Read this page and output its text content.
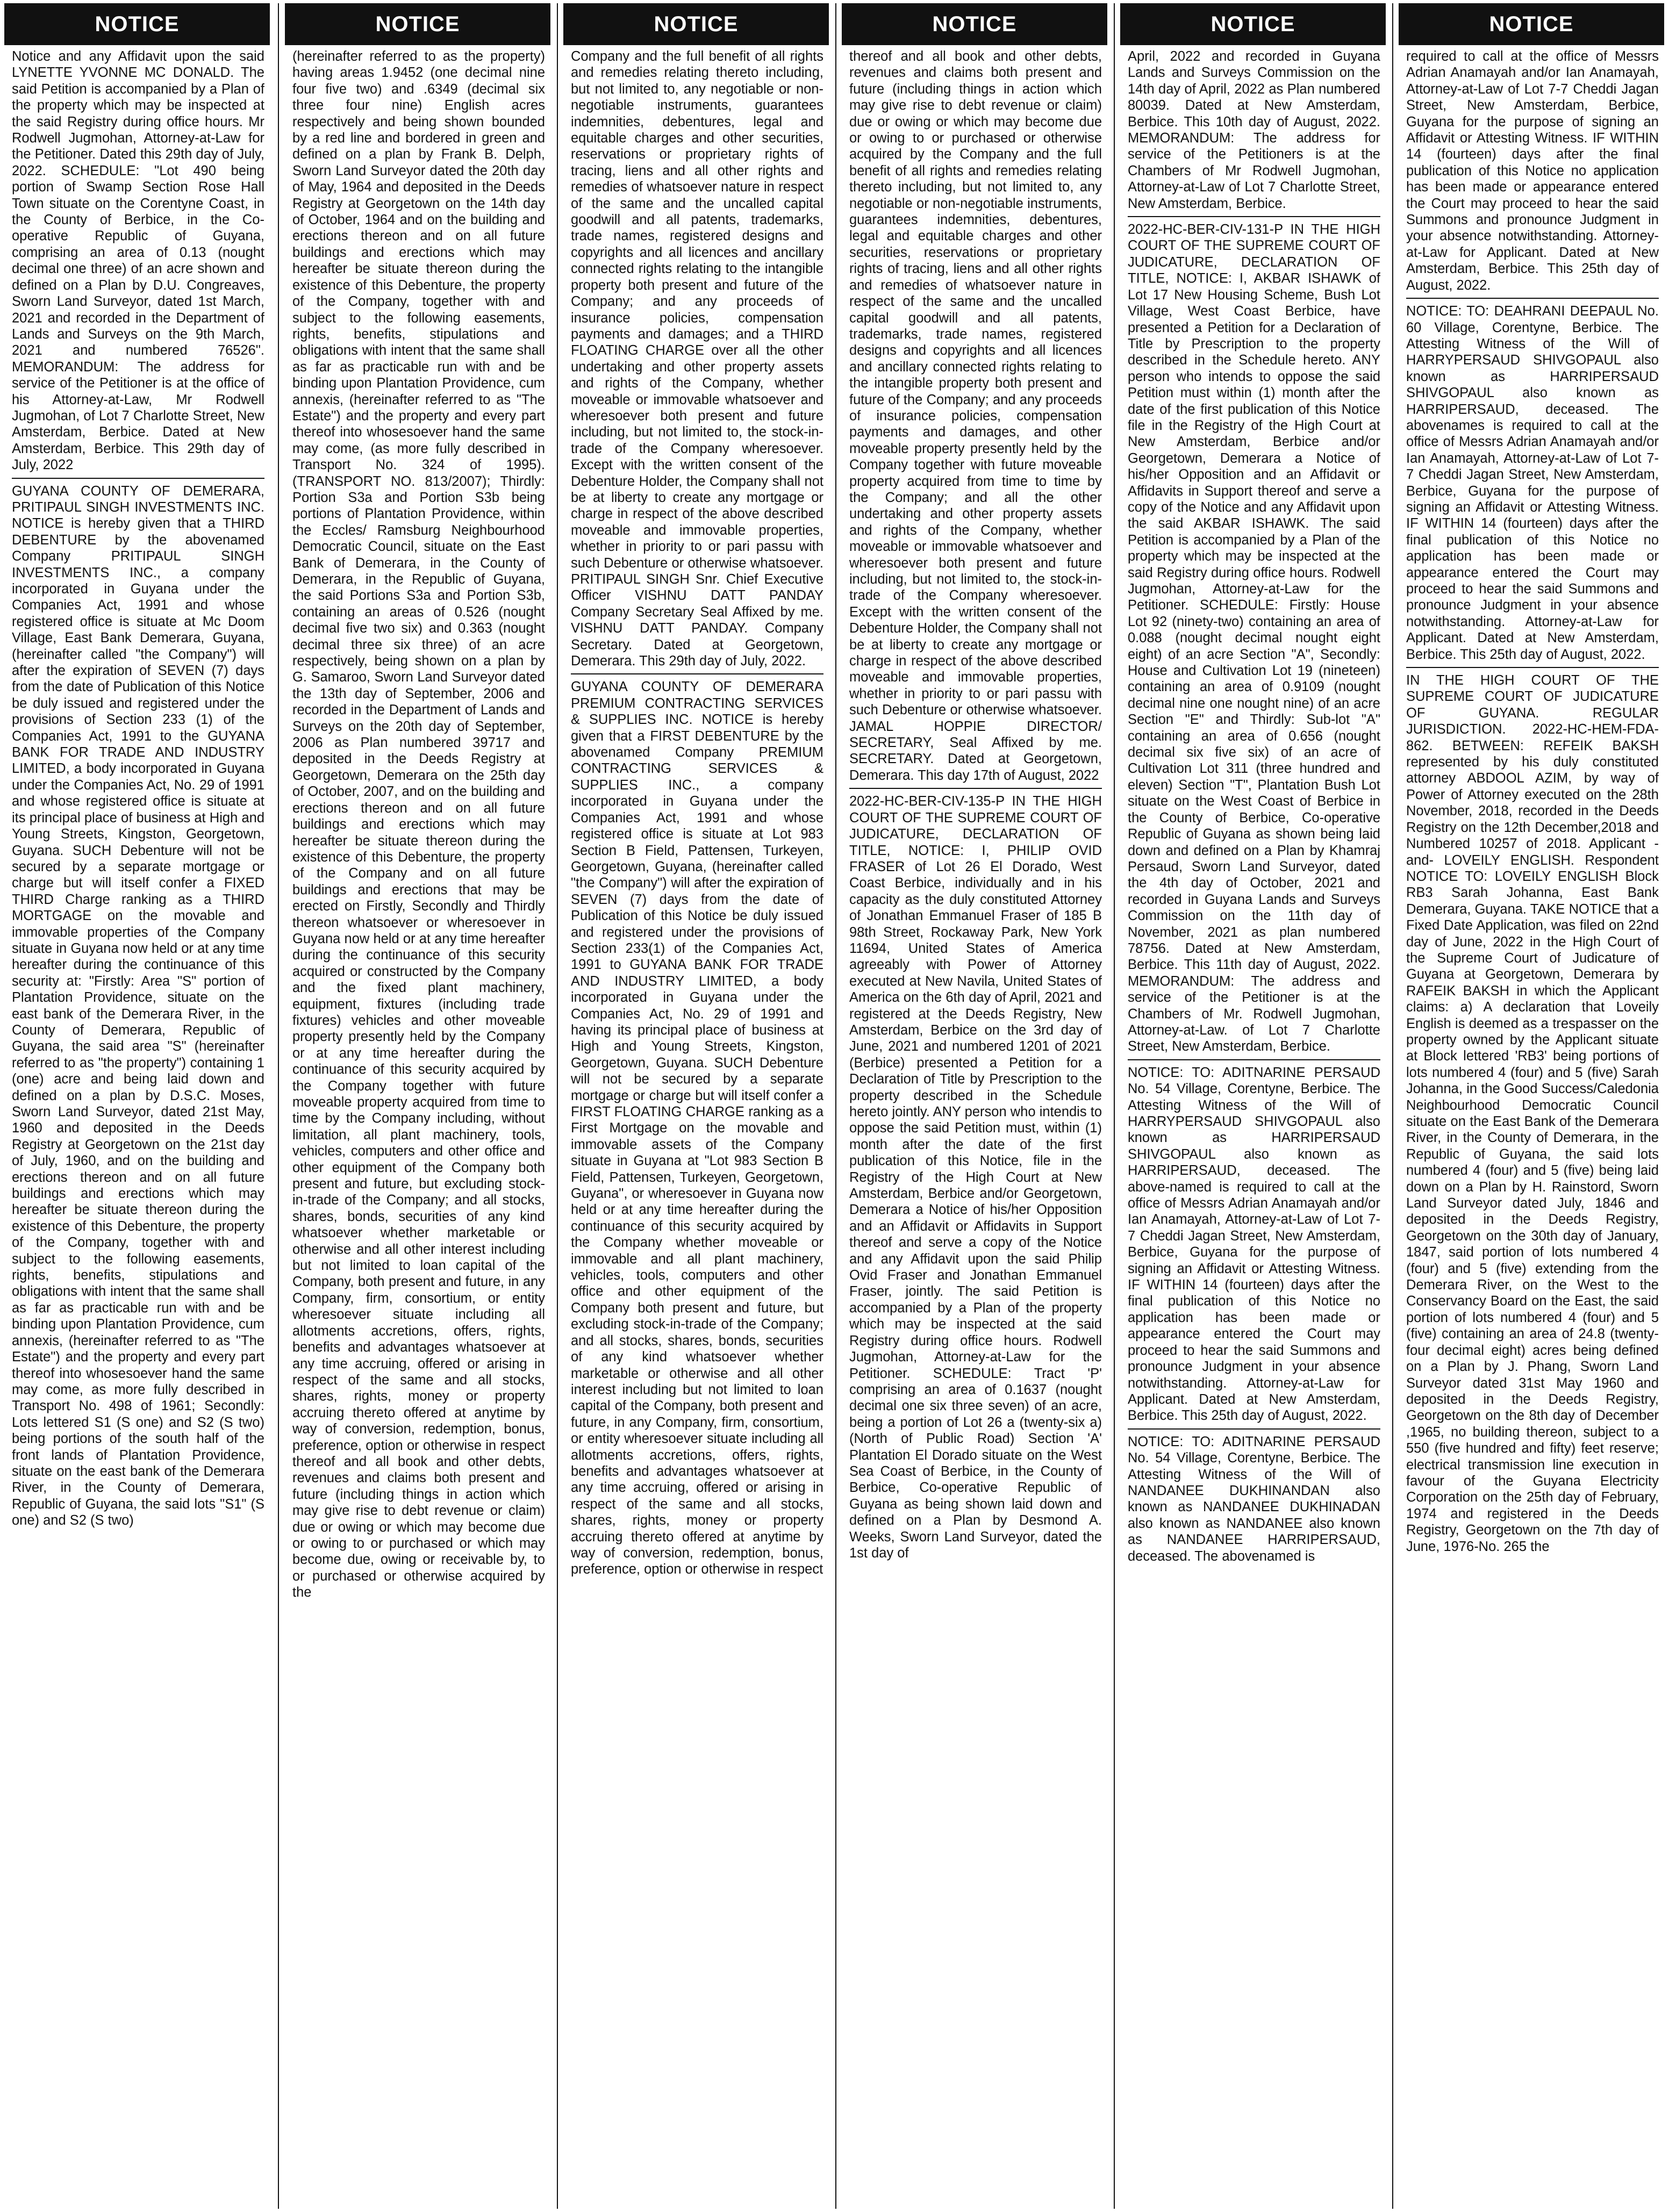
NOTICE

Notice and any Affidavit upon the said LYNETTE YVONNE MC DONALD. The said Petition is accompanied by a Plan of the property which may be inspected at the said Registry during office hours. Mr Rodwell Jugmohan, Attorney-at-Law for the Petitioner. Dated this 29th day of July, 2022. SCHEDULE: "Lot 490 being portion of Swamp Section Rose Hall Town situate on the Corentyne Coast, in the County of Berbice, in the Co-operative Republic of Guyana, comprising an area of 0.13 (nought decimal one three) of an acre shown and defined on a Plan by D.U. Congreaves, Sworn Land Surveyor, dated 1st March, 2021 and recorded in the Department of Lands and Surveys on the 9th March, 2021 and numbered 76526". MEMORANDUM: The address for service of the Petitioner is at the office of his Attorney-at-Law, Mr Rodwell Jugmohan, of Lot 7 Charlotte Street, New Amsterdam, Berbice. Dated at New Amsterdam, Berbice. This 29th day of July, 2022

GUYANA COUNTY OF DEMERARA, PRITIPAUL SINGH INVESTMENTS INC. NOTICE is hereby given that a THIRD DEBENTURE by the abovenamed Company PRITIPAUL SINGH INVESTMENTS INC., a company incorporated in Guyana under the Companies Act, 1991 and whose registered office is situate at Mc Doom Village, East Bank Demerara, Guyana, (hereinafter called "the Company") will after the expiration of SEVEN (7) days from the date of Publication of this Notice be duly issued and registered under the provisions of Section 233 (1) of the Companies Act, 1991 to the GUYANA BANK FOR TRADE AND INDUSTRY LIMITED, a body incorporated in Guyana under the Companies Act, No. 29 of 1991 and whose registered office is situate at its principal place of business at High and Young Streets, Kingston, Georgetown, Guyana. SUCH Debenture will not be secured by a separate mortgage or charge but will itself confer a FIXED THIRD Charge ranking as a THIRD MORTGAGE on the movable and immovable properties of the Company situate in Guyana now held or at any time hereafter during the continuance of this security at: "Firstly: Area "S" portion of Plantation Providence, situate on the east bank of the Demerara River, in the County of Demerara, Republic of Guyana, the said area "S" (hereinafter referred to as "the property") containing 1 (one) acre and being laid down and defined on a plan by D.S.C. Moses, Sworn Land Surveyor, dated 21st May, 1960 and deposited in the Deeds Registry at Georgetown on the 21st day of July, 1960, and on the building and erections thereon and on all future buildings and erections which may hereafter be situate thereon during the existence of this Debenture, the property of the Company, together with and subject to the following easements, rights, benefits, stipulations and obligations with intent that the same shall as far as practicable run with and be binding upon Plantation Providence, cum annexis, (hereinafter referred to as "The Estate") and the property and every part thereof into whosesoever hand the same may come, as more fully described in Transport No. 498 of 1961; Secondly: Lots lettered S1 (S one) and S2 (S two) being portions of the south half of the front lands of Plantation Providence, situate on the east bank of the Demerara River, in the County of Demerara, Republic of Guyana, the said lots "S1" (S one) and S2 (S two)

NOTICE

(hereinafter referred to as the property) having areas 1.9452 (one decimal nine four five two) and .6349 (decimal six three four nine) English acres respectively and being shown bounded by a red line and bordered in green and defined on a plan by Frank B. Delph, Sworn Land Surveyor dated the 20th day of May, 1964 and deposited in the Deeds Registry at Georgetown on the 14th day of October, 1964 and on the building and erections thereon and on all future buildings and erections which may hereafter be situate thereon during the existence of this Debenture, the property of the Company, together with and subject to the following easements, rights, benefits, stipulations and obligations with intent that the same shall as far as practicable run with and be binding upon Plantation Providence, cum annexis, (hereinafter referred to as "The Estate") and the property and every part thereof into whosesoever hand the same may come, (as more fully described in Transport No. 324 of 1995). (TRANSPORT NO. 813/2007); Thirdly: Portion S3a and Portion S3b being portions of Plantation Providence, within the Eccles/ Ramsburg Neighbourhood Democratic Council, situate on the East Bank of Demerara, in the County of Demerara, in the Republic of Guyana, the said Portions S3a and Portion S3b, containing an areas of 0.526 (nought decimal five two six) and 0.363 (nought decimal three six three) of an acre respectively, being shown on a plan by G. Samaroo, Sworn Land Surveyor dated the 13th day of September, 2006 and recorded in the Department of Lands and Surveys on the 20th day of September, 2006 as Plan numbered 39717 and deposited in the Deeds Registry at Georgetown, Demerara on the 25th day of October, 2007, and on the building and erections thereon and on all future buildings and erections which may hereafter be situate thereon during the existence of this Debenture, the property of the Company and on all future buildings and erections that may be erected on Firstly, Secondly and Thirdly thereon whatsoever or wheresoever in Guyana now held or at any time hereafter during the continuance of this security acquired or constructed by the Company and the fixed plant machinery, equipment, fixtures (including trade fixtures) vehicles and other moveable property presently held by the Company or at any time hereafter during the continuance of this security acquired by the Company together with future moveable property acquired from time to time by the Company including, without limitation, all plant machinery, tools, vehicles, computers and other office and other equipment of the Company both present and future, but excluding stock-in-trade of the Company; and all stocks, shares, bonds, securities of any kind whatsoever whether marketable or otherwise and all other interest including but not limited to loan capital of the Company, both present and future, in any Company, firm, consortium, or entity wheresoever situate including all allotments accretions, offers, rights, benefits and advantages whatsoever at any time accruing, offered or arising in respect of the same and all stocks, shares, rights, money or property accruing thereto offered at anytime by way of conversion, redemption, bonus, preference, option or otherwise in respect thereof and all book and other debts, revenues and claims both present and future (including things in action which may give rise to debt revenue or claim) due or owing or which may become due or owing to or purchased or which may become due, owing or receivable by, to or purchased or otherwise acquired by the

NOTICE

Company and the full benefit of all rights and remedies relating thereto including, but not limited to, any negotiable or non-negotiable instruments, guarantees indemnities, debentures, legal and equitable charges and other securities, reservations or proprietary rights of tracing, liens and all other rights and remedies of whatsoever nature in respect of the same and the uncalled capital goodwill and all patents, trademarks, trade names, registered designs and copyrights and all licences and ancillary connected rights relating to the intangible property both present and future of the Company; and any proceeds of insurance policies, compensation payments and damages; and a THIRD FLOATING CHARGE over all the other undertaking and other property assets and rights of the Company, whether moveable or immovable whatsoever and wheresoever both present and future including, but not limited to, the stock-in-trade of the Company wheresoever. Except with the written consent of the Debenture Holder, the Company shall not be at liberty to create any mortgage or charge in respect of the above described moveable and immovable properties, whether in priority to or pari passu with such Debenture or otherwise whatsoever. PRITIPAUL SINGH Snr. Chief Executive Officer VISHNU DATT PANDAY Company Secretary Seal Affixed by me. VISHNU DATT PANDAY. Company Secretary. Dated at Georgetown, Demerara. This 29th day of July, 2022.

GUYANA COUNTY OF DEMERARA PREMIUM CONTRACTING SERVICES & SUPPLIES INC. NOTICE is hereby given that a FIRST DEBENTURE by the abovenamed Company PREMIUM CONTRACTING SERVICES & SUPPLIES INC., a company incorporated in Guyana under the Companies Act, 1991 and whose registered office is situate at Lot 983 Section B Field, Pattensen, Turkeyen, Georgetown, Guyana, (hereinafter called "the Company") will after the expiration of SEVEN (7) days from the date of Publication of this Notice be duly issued and registered under the provisions of Section 233(1) of the Companies Act, 1991 to GUYANA BANK FOR TRADE AND INDUSTRY LIMITED, a body incorporated in Guyana under the Companies Act, No. 29 of 1991 and having its principal place of business at High and Young Streets, Kingston, Georgetown, Guyana. SUCH Debenture will not be secured by a separate mortgage or charge but will itself confer a FIRST FLOATING CHARGE ranking as a First Mortgage on the movable and immovable assets of the Company situate in Guyana at "Lot 983 Section B Field, Pattensen, Turkeyen, Georgetown, Guyana", or wheresoever in Guyana now held or at any time hereafter during the continuance of this security acquired by the Company whether moveable or immovable and all plant machinery, vehicles, tools, computers and other office and other equipment of the Company both present and future, but excluding stock-in-trade of the Company; and all stocks, shares, bonds, securities of any kind whatsoever whether marketable or otherwise and all other interest including but not limited to loan capital of the Company, both present and future, in any Company, firm, consortium, or entity wheresoever situate including all allotments accretions, offers, rights, benefits and advantages whatsoever at any time accruing, offered or arising in respect of the same and all stocks, shares, rights, money or property accruing thereto offered at anytime by way of conversion, redemption, bonus, preference, option or otherwise in respect

NOTICE

thereof and all book and other debts, revenues and claims both present and future (including things in action which may give rise to debt revenue or claim) due or owing or which may become due or owing to or purchased or otherwise acquired by the Company and the full benefit of all rights and remedies relating thereto including, but not limited to, any negotiable or non-negotiable instruments, guarantees indemnities, debentures, legal and equitable charges and other securities, reservations or proprietary rights of tracing, liens and all other rights and remedies of whatsoever nature in respect of the same and the uncalled capital goodwill and all patents, trademarks, trade names, registered designs and copyrights and all licences and ancillary connected rights relating to the intangible property both present and future of the Company; and any proceeds of insurance policies, compensation payments and damages, and other moveable property presently held by the Company together with future moveable property acquired from time to time by the Company; and all the other undertaking and other property assets and rights of the Company, whether moveable or immovable whatsoever and wheresoever both present and future including, but not limited to, the stock-in-trade of the Company wheresoever. Except with the written consent of the Debenture Holder, the Company shall not be at liberty to create any mortgage or charge in respect of the above described moveable and immovable properties, whether in priority to or pari passu with such Debenture or otherwise whatsoever. JAMAL HOPPIE DIRECTOR/ SECRETARY, Seal Affixed by me. SECRETARY. Dated at Georgetown, Demerara. This day 17th of August, 2022

2022-HC-BER-CIV-135-P IN THE HIGH COURT OF THE SUPREME COURT OF JUDICATURE, DECLARATION OF TITLE, NOTICE: I, PHILIP OVID FRASER of Lot 26 El Dorado, West Coast Berbice, individually and in his capacity as the duly constituted Attorney of Jonathan Emmanuel Fraser of 185 B 98th Street, Rockaway Park, New York 11694, United States of America agreeably with Power of Attorney executed at New Navila, United States of America on the 6th day of April, 2021 and registered at the Deeds Registry, New Amsterdam, Berbice on the 3rd day of June, 2021 and numbered 1201 of 2021 (Berbice) presented a Petition for a Declaration of Title by Prescription to the property described in the Schedule hereto jointly. ANY person who intendis to oppose the said Petition must, within (1) month after the date of the first publication of this Notice, file in the Registry of the High Court at New Amsterdam, Berbice and/or Georgetown, Demerara a Notice of his/her Opposition and an Affidavit or Affidavits in Support thereof and serve a copy of the Notice and any Affidavit upon the said Philip Ovid Fraser and Jonathan Emmanuel Fraser, jointly. The said Petition is accompanied by a Plan of the property which may be inspected at the said Registry during office hours. Rodwell Jugmohan, Attorney-at-Law for the Petitioner. SCHEDULE: Tract 'P' comprising an area of 0.1637 (nought decimal one six three seven) of an acre, being a portion of Lot 26 a (twenty-six a) (North of Public Road) Section 'A' Plantation El Dorado situate on the West Sea Coast of Berbice, in the County of Berbice, Co-operative Republic of Guyana as being shown laid down and defined on a Plan by Desmond A. Weeks, Sworn Land Surveyor, dated the 1st day of

NOTICE

April, 2022 and recorded in Guyana Lands and Surveys Commission on the 14th day of April, 2022 as Plan numbered 80039. Dated at New Amsterdam, Berbice. This 10th day of August, 2022. MEMORANDUM: The address for service of the Petitioners is at the Chambers of Mr Rodwell Jugmohan, Attorney-at-Law of Lot 7 Charlotte Street, New Amsterdam, Berbice.

2022-HC-BER-CIV-131-P IN THE HIGH COURT OF THE SUPREME COURT OF JUDICATURE, DECLARATION OF TITLE, NOTICE: I, AKBAR ISHAWK of Lot 17 New Housing Scheme, Bush Lot Village, West Coast Berbice, have presented a Petition for a Declaration of Title by Prescription to the property described in the Schedule hereto. ANY person who intends to oppose the said Petition must within (1) month after the date of the first publication of this Notice file in the Registry of the High Court at New Amsterdam, Berbice and/or Georgetown, Demerara a Notice of his/her Opposition and an Affidavit or Affidavits in Support thereof and serve a copy of the Notice and any Affidavit upon the said AKBAR ISHAWK. The said Petition is accompanied by a Plan of the property which may be inspected at the said Registry during office hours. Rodwell Jugmohan, Attorney-at-Law for the Petitioner. SCHEDULE: Firstly: House Lot 92 (ninety-two) containing an area of 0.088 (nought decimal nought eight eight) of an acre Section "A", Secondly: House and Cultivation Lot 19 (nineteen) containing an area of 0.9109 (nought decimal nine one nought nine) of an acre Section "E" and Thirdly: Sub-lot "A" containing an area of 0.656 (nought decimal six five six) of an acre of Cultivation Lot 311 (three hundred and eleven) Section "T", Plantation Bush Lot situate on the West Coast of Berbice in the County of Berbice, Co-operative Republic of Guyana as shown being laid down and defined on a Plan by Khamraj Persaud, Sworn Land Surveyor, dated the 4th day of October, 2021 and recorded in Guyana Lands and Surveys Commission on the 11th day of November, 2021 as plan numbered 78756. Dated at New Amsterdam, Berbice. This 11th day of August, 2022. MEMORANDUM: The address and service of the Petitioner is at the Chambers of Mr. Rodwell Jugmohan, Attorney-at-Law. of Lot 7 Charlotte Street, New Amsterdam, Berbice.

NOTICE: TO: ADITNARINE PERSAUD No. 54 Village, Corentyne, Berbice. The Attesting Witness of the Will of HARRYPERSAUD SHIVGOPAUL also known as HARRIPERSAUD SHIVGOPAUL also known as HARRIPERSAUD, deceased. The above-named is required to call at the office of Messrs Adrian Anamayah and/or Ian Anamayah, Attorney-at-Law of Lot 7-7 Cheddi Jagan Street, New Amsterdam, Berbice, Guyana for the purpose of signing an Affidavit or Attesting Witness. IF WITHIN 14 (fourteen) days after the final publication of this Notice no application has been made or appearance entered the Court may proceed to hear the said Summons and pronounce Judgment in your absence notwithstanding. Attorney-at-Law for Applicant. Dated at New Amsterdam, Berbice. This 25th day of August, 2022.

NOTICE: TO: ADITNARINE PERSAUD No. 54 Village, Corentyne, Berbice. The Attesting Witness of the Will of NANDANEE DUKHINANDAN also known as NANDANEE DUKHINADAN also known as NANDANEE also known as NANDANEE HARRIPERSAUD, deceased. The abovenamed is

NOTICE

required to call at the office of Messrs Adrian Anamayah and/or Ian Anamayah, Attorney-at-Law of Lot 7-7 Cheddi Jagan Street, New Amsterdam, Berbice, Guyana for the purpose of signing an Affidavit or Attesting Witness. IF WITHIN 14 (fourteen) days after the final publication of this Notice no application has been made or appearance entered the Court may proceed to hear the said Summons and pronounce Judgment in your absence notwithstanding. Attorney-at-Law for Applicant. Dated at New Amsterdam, Berbice. This 25th day of August, 2022.

NOTICE: TO: DEAHRANI DEEPAUL No. 60 Village, Corentyne, Berbice. The Attesting Witness of the Will of HARRYPERSAUD SHIVGOPAUL also known as HARRIPERSAUD SHIVGOPAUL also known as HARRIPERSAUD, deceased. The abovenames is required to call at the office of Messrs Adrian Anamayah and/or Ian Anamayah, Attorney-at-Law of Lot 7-7 Cheddi Jagan Street, New Amsterdam, Berbice, Guyana for the purpose of signing an Affidavit or Attesting Witness. IF WITHIN 14 (fourteen) days after the final publication of this Notice no application has been made or appearance entered the Court may proceed to hear the said Summons and pronounce Judgment in your absence notwithstanding. Attorney-at-Law for Applicant. Dated at New Amsterdam, Berbice. This 25th day of August, 2022.

IN THE HIGH COURT OF THE SUPREME COURT OF JUDICATURE OF GUYANA. REGULAR JURISDICTION. 2022-HC-HEM-FDA-862. BETWEEN: REFEIK BAKSH represented by his duly constituted attorney ABDOOL AZIM, by way of Power of Attorney executed on the 28th November, 2018, recorded in the Deeds Registry on the 12th December,2018 and Numbered 10257 of 2018. Applicant -and- LOVEILY ENGLISH. Respondent NOTICE TO: LOVEILY ENGLISH Block RB3 Sarah Johanna, East Bank Demerara, Guyana. TAKE NOTICE that a Fixed Date Application, was filed on 22nd day of June, 2022 in the High Court of the Supreme Court of Judicature of Guyana at Georgetown, Demerara by RAFEIK BAKSH in which the Applicant claims: a) A declaration that Loveily English is deemed as a trespasser on the property owned by the Applicant situate at Block lettered 'RB3' being portions of lots numbered 4 (four) and 5 (five) Sarah Johanna, in the Good Success/Caledonia Neighbourhood Democratic Council situate on the East Bank of the Demerara River, in the County of Demerara, in the Republic of Guyana, the said lots numbered 4 (four) and 5 (five) being laid down on a Plan by H. Rainstord, Sworn Land Surveyor dated July, 1846 and deposited in the Deeds Registry, Georgetown on the 30th day of January, 1847, said portion of lots numbered 4 (four) and 5 (five) extending from the Demerara River, on the West to the Conservancy Board on the East, the said portion of lots numbered 4 (four) and 5 (five) containing an area of 24.8 (twenty-four decimal eight) acres being defined on a Plan by J. Phang, Sworn Land Surveyor dated 31st May 1960 and deposited in the Deeds Registry, Georgetown on the 8th day of December ,1965, no building thereon, subject to a 550 (five hundred and fifty) feet reserve; electrical transmission line execution in favour of the Guyana Electricity Corporation on the 25th day of February, 1974 and registered in the Deeds Registry, Georgetown on the 7th day of June, 1976-No. 265 the
